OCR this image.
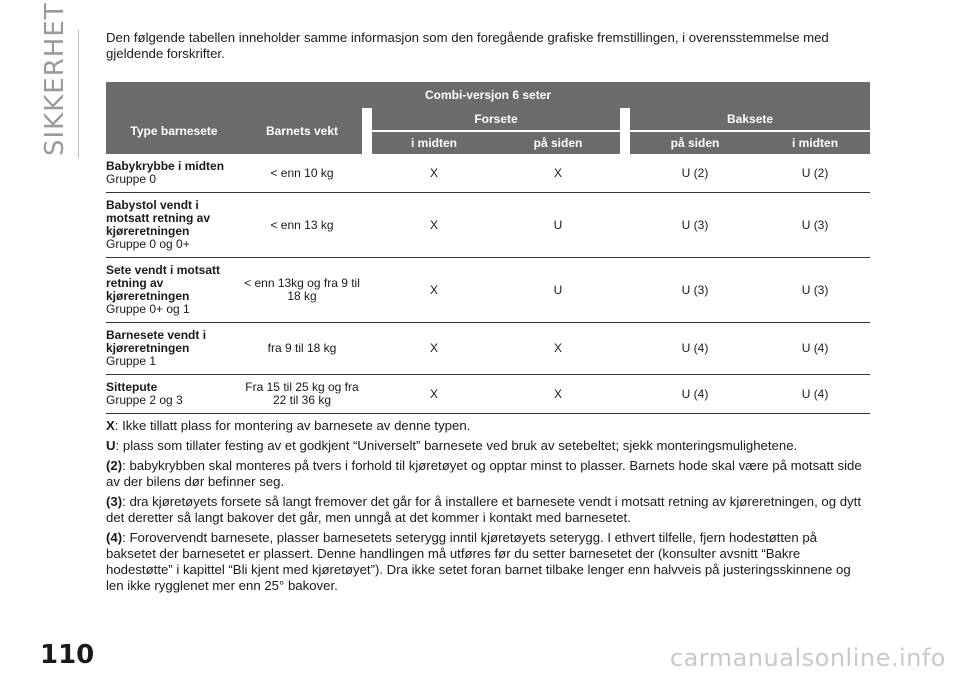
SIKKERHET	Den følgende tabellen inneholder samme informasjon som den foregående grafiske fremstillingen, i overensstemmelse med gjeldende forskrifter.

Combi-versjon 6 seter							
Type barnesete	Barnets vekt		Forsete			Baksete	
			i midten	på siden		på siden	i midten
Babykrybbe i midten Gruppe 0	< enn 10 kg		X	X		U (2)	U (2)
Babystol vendt i motsatt retning av kjøreretningen
Gruppe 0 og 0+	< enn 13 kg		X	U		U (3)	U (3)
Sete vendt i motsatt retning av kjøreretningen
Gruppe 0+ og 1	< enn 13kg og fra 9 til 18 kg		X	U		U (3)	U (3)
Barnesete vendt i kjøreretningen
Gruppe 1	fra 9 til 18 kg		X	X		U (4)	U (4)
Sittepute
Gruppe 2 og 3	Fra 15 til 25 kg og fra 22 til 36 kg		X	X		U (4)	U (4)

X: Ikke tillatt plass for montering av barnesete av denne typen.

U: plass som tillater festing av et godkjent “Universelt” barnesete ved bruk av setebeltet; sjekk monteringsmulighetene.

(2): babykrybben skal monteres på tvers i forhold til kjøretøyet og opptar minst to plasser. Barnets hode skal være på motsatt side av der bilens dør befinner seg.

(3): dra kjøretøyets forsete så langt fremover det går for å installere et barnesete vendt i motsatt retning av kjøreretningen, og dytt det deretter så langt bakover det går, men unngå at det kommer i kontakt med barnesetet.

(4): Forovervendt barnesete, plasser barnesetets seterygg inntil kjøretøyets seterygg. I ethvert tilfelle, fjern hodestøtten på baksetet der barnesetet er plassert. Denne handlingen må utføres før du setter barnesetet der (konsulter avsnitt “Bakre hodestøtte” i kapittel “Bli kjent med kjøretøyet”). Dra ikke setet foran barnet tilbake lenger enn halvveis på justeringsskinnene og len ikke rygglenet mer enn 25° bakover.

110	carmanualsonline.info
